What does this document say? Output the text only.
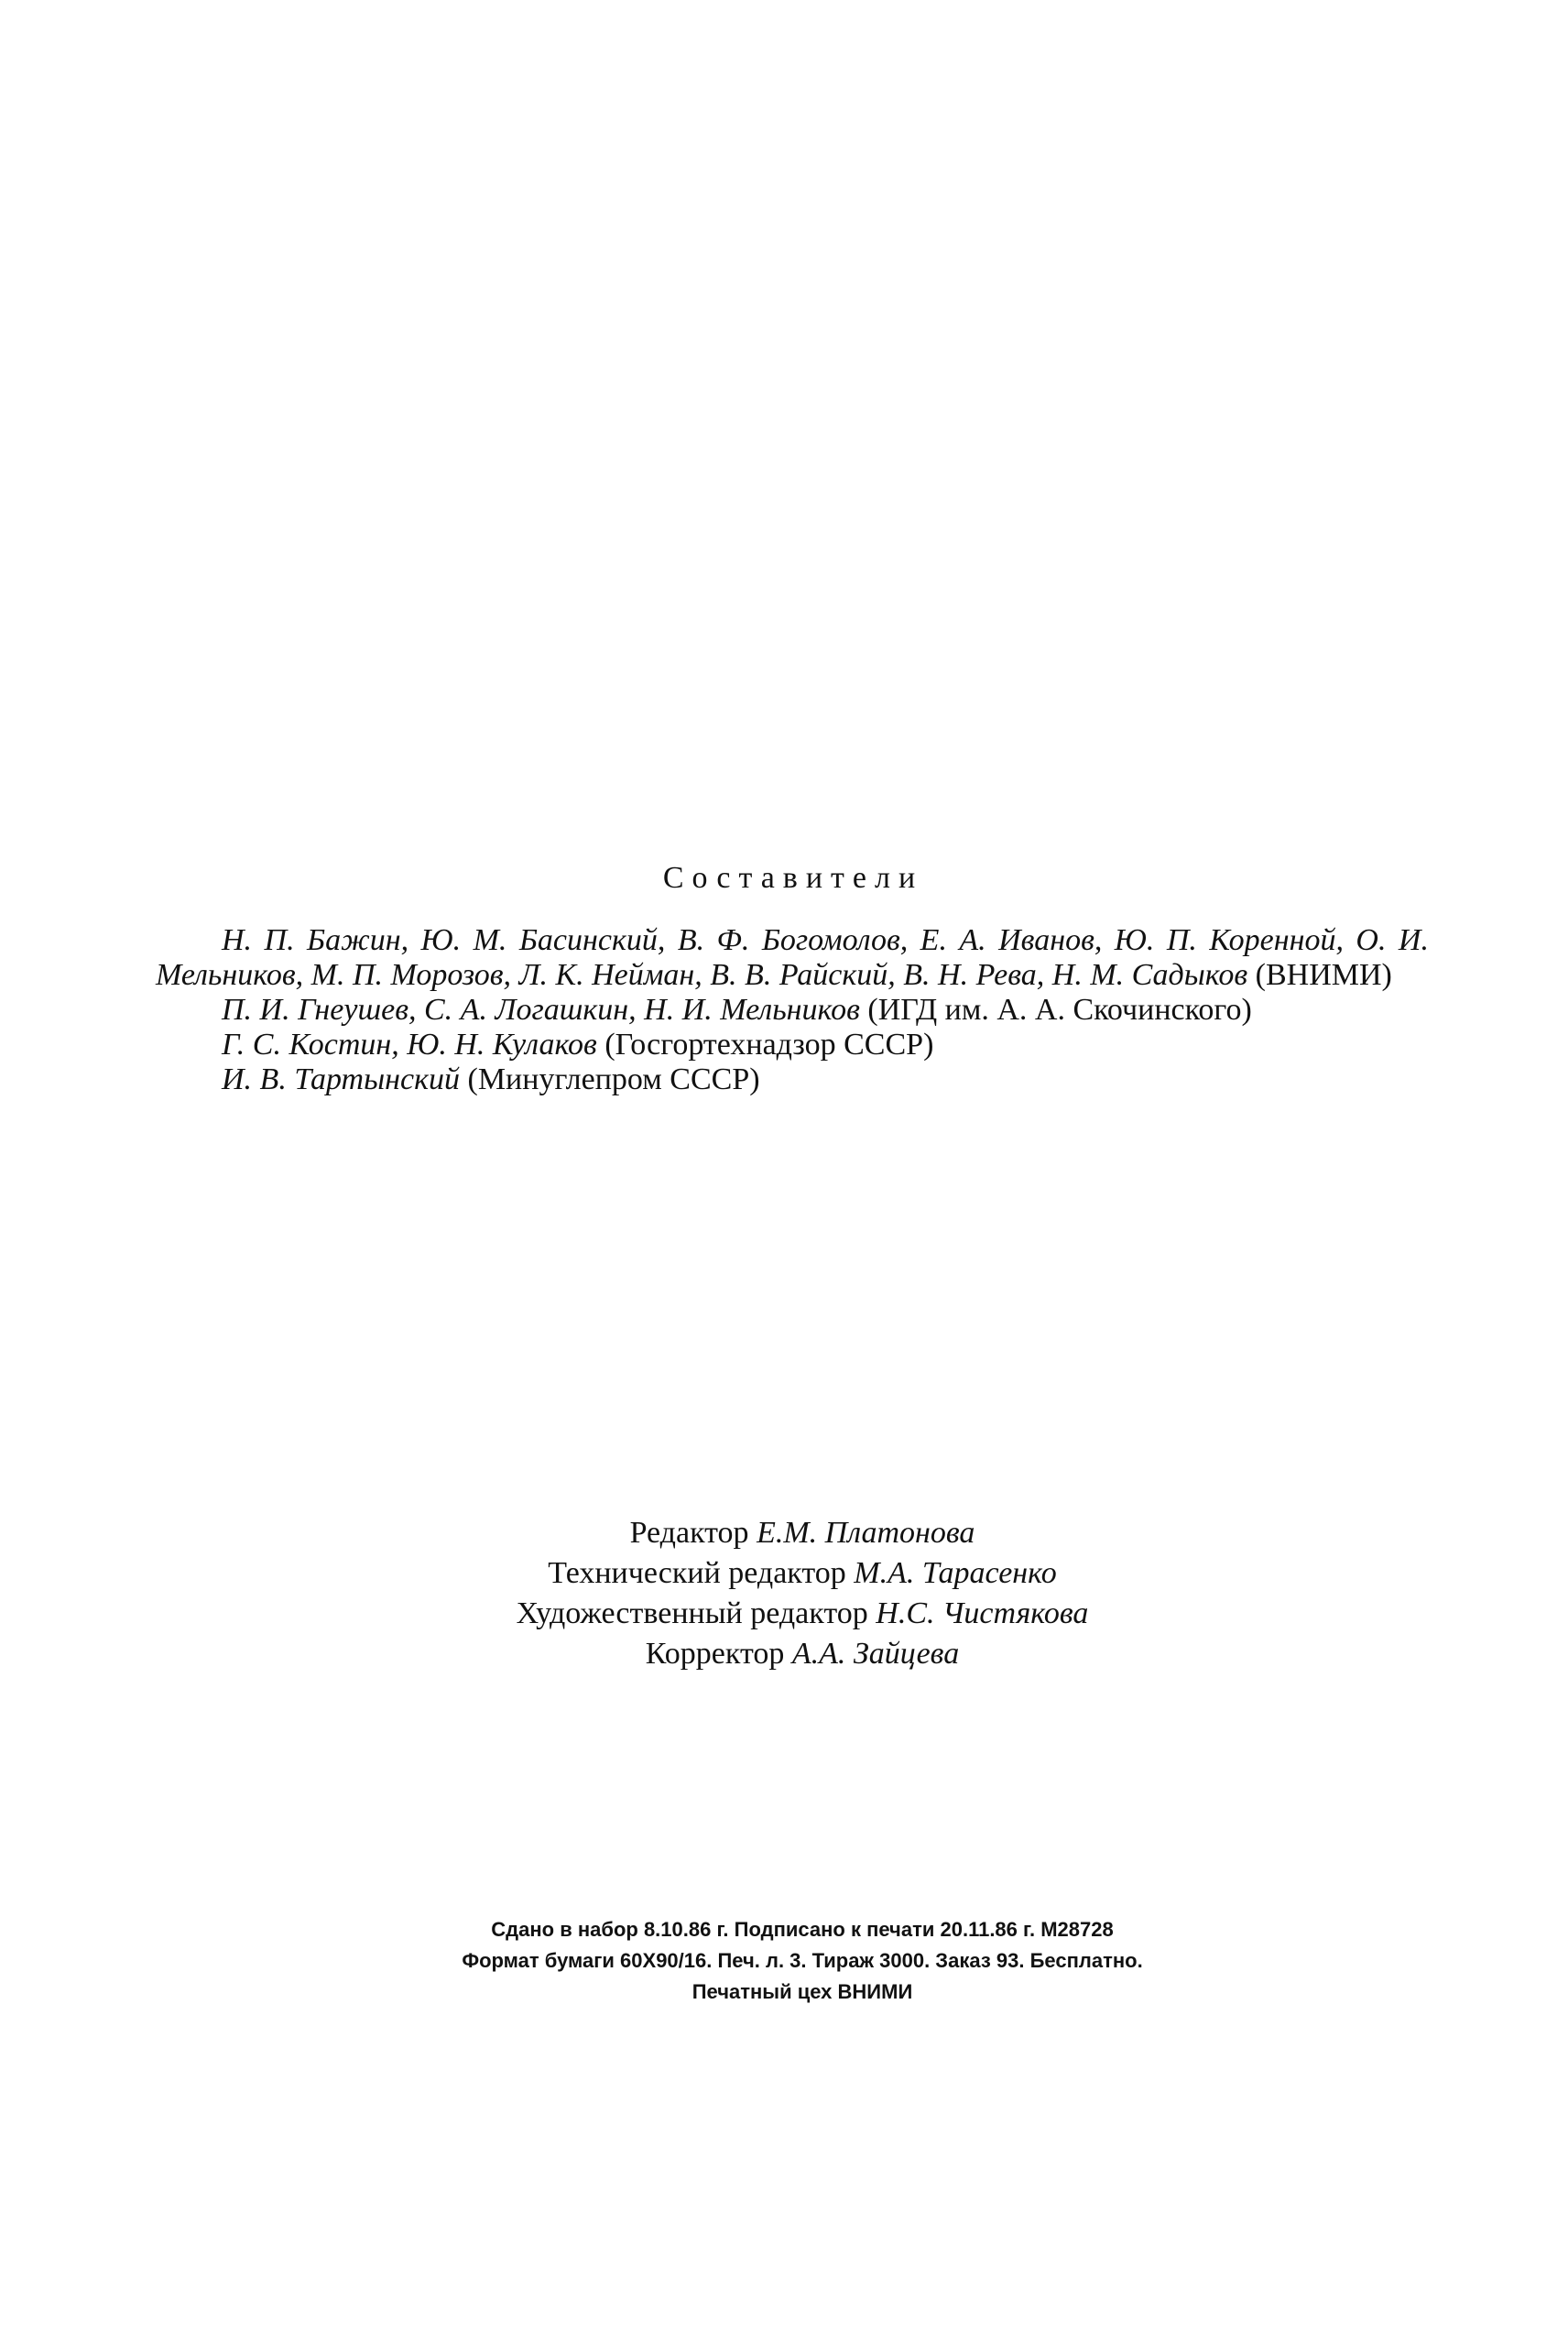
Составители

Н. П. Бажин, Ю. М. Басинский, В. Ф. Богомолов, Е. А. Иванов, Ю. П. Коренной, О. И. Мельников, М. П. Морозов, Л. К. Нейман, В. В. Райский, В. Н. Рева, Н. М. Садыков (ВНИМИ)

П. И. Гнеушев, С. А. Логашкин, Н. И. Мельников (ИГД им. А. А. Скочинского)

Г. С. Костин, Ю. Н. Кулаков (Госгортехнадзор СССР)

И. В. Тартынский (Минуглепром СССР)

Редактор Е.М. Платонова

Технический редактор М.А. Тарасенко

Художественный редактор Н.С. Чистякова

Корректор А.А. Зайцева

Сдано в набор 8.10.86 г. Подписано к печати 20.11.86 г. М28728

Формат бумаги 60Х90/16. Печ. л. 3. Тираж 3000. Заказ 93. Бесплатно.

Печатный цех ВНИМИ
